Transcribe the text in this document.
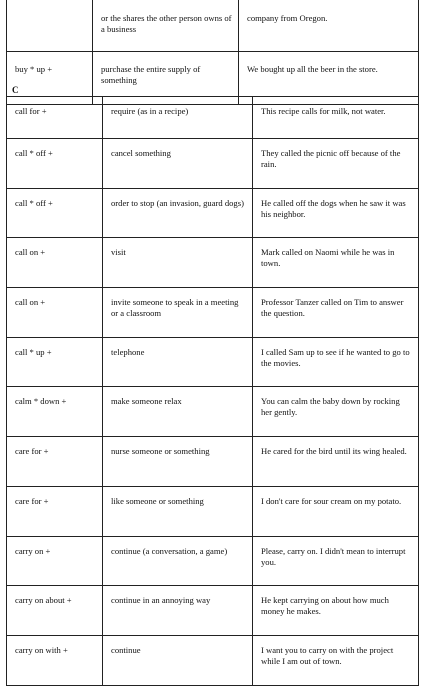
	or the shares the other person owns of a business	company from Oregon.
buy * up +	purchase the entire supply of something	We bought up all the beer in the store.
C
call for +	require (as in a recipe)	This recipe calls for milk, not water.
call * off +	cancel something	They called the picnic off because of the rain.
call * off +	order to stop (an invasion, guard dogs)	He called off the dogs when he saw it was his neighbor.
call on +	visit	Mark called on Naomi while he was in town.
call on +	invite someone to speak in a meeting or a classroom	Professor Tanzer called on Tim to answer the question.
call * up +	telephone	I called Sam up to see if he wanted to go to the movies.
calm * down +	make someone relax	You can calm the baby down by rocking her gently.
care for +	nurse someone or something	He cared for the bird until its wing healed.
care for +	like someone or something	I don't care for sour cream on my potato.
carry on +	continue (a conversation, a game)	Please, carry on. I didn't mean to interrupt you.
carry on about +	continue in an annoying way	He kept carrying on about how much money he makes.
carry on with +	continue	I want you to carry on with the project while I am out of town.
